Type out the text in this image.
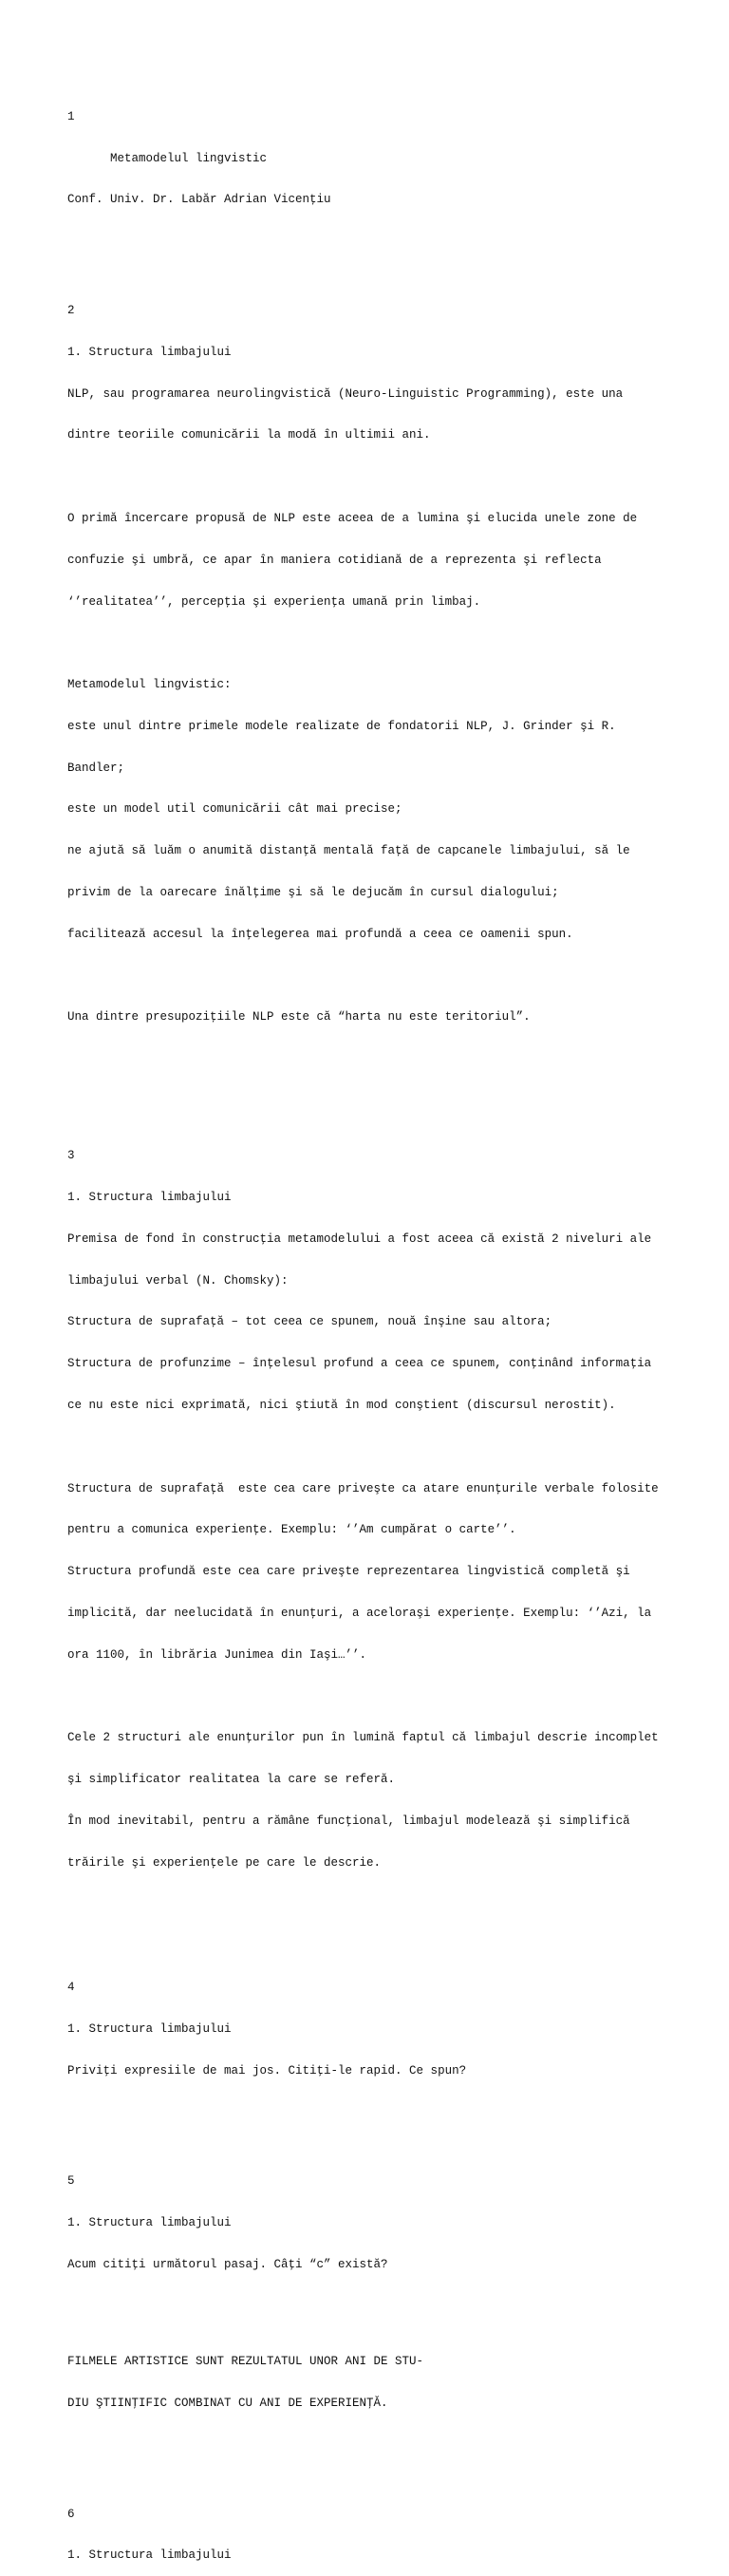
1

Metamodelul lingvistic

Conf. Univ. Dr. Labăr Adrian Vicenţiu

2

1. Structura limbajului

NLP, sau programarea neurolingvistică (Neuro-Linguistic Programming), este una

dintre teoriile comunicării la modă în ultimii ani.

O primă încercare propusă de NLP este aceea de a lumina şi elucida unele zone de

confuzie şi umbră, ce apar în maniera cotidiană de a reprezenta şi reflecta

‘’realitatea’’, percepţia şi experienţa umană prin limbaj.

Metamodelul lingvistic:

este unul dintre primele modele realizate de fondatorii NLP, J. Grinder şi R.

Bandler;

este un model util comunicării cât mai precise;

ne ajută să luăm o anumită distanţă mentală faţă de capcanele limbajului, să le

privim de la oarecare înălţime şi să le dejucăm în cursul dialogului;

facilitează accesul la înţelegerea mai profundă a ceea ce oamenii spun.

Una dintre presupoziţiile NLP este că “harta nu este teritoriul”.

3

1. Structura limbajului

Premisa de fond în construcţia metamodelului a fost aceea că există 2 niveluri ale

limbajului verbal (N. Chomsky):

Structura de suprafaţă – tot ceea ce spunem, nouă înşine sau altora;

Structura de profunzime – înţelesul profund a ceea ce spunem, conţinând informaţia

ce nu este nici exprimată, nici ştiută în mod conştient (discursul nerostit).

Structura de suprafaţă  este cea care priveşte ca atare enunţurile verbale folosite

pentru a comunica experienţe. Exemplu: ‘’Am cumpărat o carte’’.

Structura profundă este cea care priveşte reprezentarea lingvistică completă şi

implicită, dar neelucidată în enunţuri, a aceloraşi experienţe. Exemplu: ‘’Azi, la

ora 1100, în librăria Junimea din Iaşi…’’.

Cele 2 structuri ale enunţurilor pun în lumină faptul că limbajul descrie incomplet

şi simplificator realitatea la care se referă.

În mod inevitabil, pentru a rămâne funcţional, limbajul modelează şi simplifică

trăirile şi experienţele pe care le descrie.

4

1. Structura limbajului

Priviţi expresiile de mai jos. Citiţi-le rapid. Ce spun?

5

1. Structura limbajului

Acum citiţi următorul pasaj. Câţi “c” există?

FILMELE ARTISTICE SUNT REZULTATUL UNOR ANI DE STU-

DIU ŞTIINŢIFIC COMBINAT CU ANI DE EXPERIENŢĂ.

6

1. Structura limbajului
